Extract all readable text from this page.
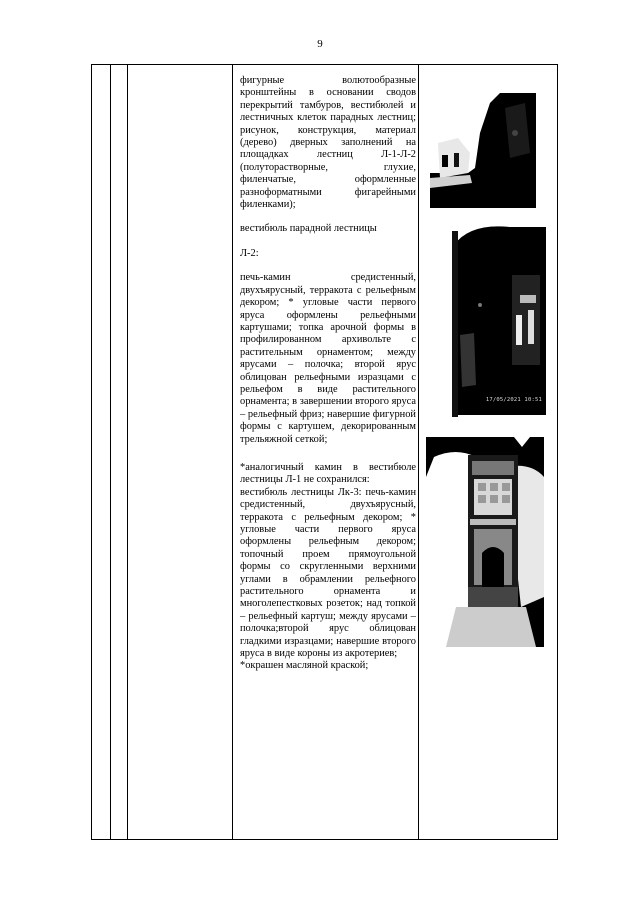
9

фигурные волютообразные кронштейны в основании сводов перекрытий тамбуров, вестибюлей и лестничных клеток парадных лестниц; рисунок, конструкция, материал (дерево) дверных заполнений на площадках лестниц Л-1-Л-2 (полуторастворные, глухие, филенчатые, оформленные разноформатными фигарейными филенками);

вестибюль парадной лестницы

Л-2:

печь-камин средистенный, двухъярусный, терракота с рельефным декором; * угловые части первого яруса оформлены рельефными картушами; топка арочной формы в профилированном архивольте с растительным орнаментом; между ярусами – полочка; второй ярус облицован рельефными изразцами с рельефом в виде растительного орнамента; в завершении второго яруса – рельефный фриз; навершие фигурной формы с картушем, декорированным трельяжной сеткой;

*аналогичный камин в вестибюле лестницы Л-1 не сохранился:

вестибюль лестницы Лк-3: печь-камин средистенный, двухъярусный, терракота с рельефным декором; * угловые части первого яруса оформлены рельефным декором; топочный проем прямоугольной формы со скругленными верхними углами в обрамлении рельефного растительного орнамента и многолепестковых розеток; над топкой – рельефный картуш; между ярусами – полочка;второй ярус облицован гладкими изразцами; навершие второго яруса в виде короны из акротериев;

*окрашен масляной краской;

17/05/2021 10:51
